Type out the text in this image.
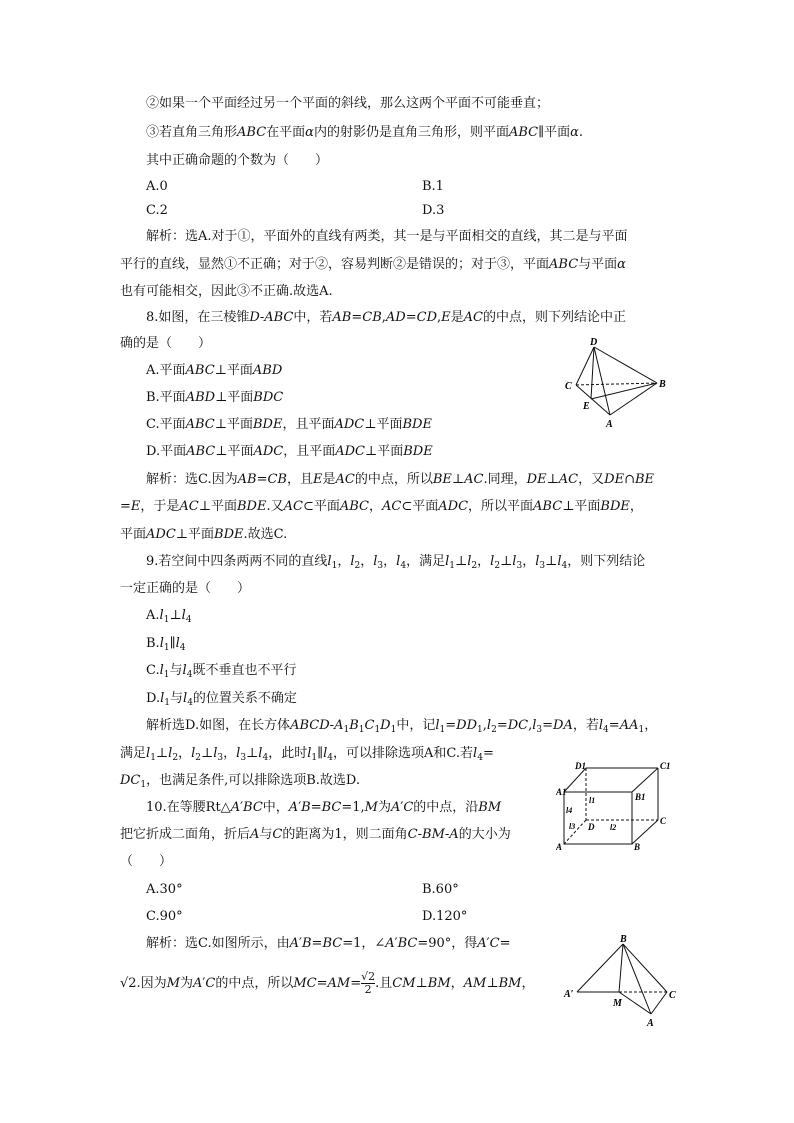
②如果一个平面经过另一个平面的斜线，那么这两个平面不可能垂直；
③若直角三角形ABC在平面α内的射影仍是直角三角形，则平面ABC∥平面α.
其中正确命题的个数为（　　）
A.0	B.1
C.2	D.3
解析：选A.对于①，平面外的直线有两类，其一是与平面相交的直线，其二是与平面
平行的直线，显然①不正确；对于②，容易判断②是错误的；对于③，平面ABC与平面α
也有可能相交，因此③不正确.故选A.
8.如图，在三棱锥D-ABC中，若AB=CB,AD=CD,E是AC的中点，则下列结论中正
确的是（　　）
A.平面ABC⊥平面ABD
B.平面ABD⊥平面BDC
C.平面ABC⊥平面BDE，且平面ADC⊥平面BDE
D.平面ABC⊥平面ADC，且平面ADC⊥平面BDE
解析：选C.因为AB=CB，且E是AC的中点，所以BE⊥AC.同理，DE⊥AC，又DE∩BE
=E，于是AC⊥平面BDE.又AC⊂平面ABC，AC⊂平面ADC，所以平面ABC⊥平面BDE，
平面ADC⊥平面BDE.故选C.
9.若空间中四条两两不同的直线$l_1$，$l_2$，$l_3$，$l_4$，满足$l_1\perp l_2$，$l_2\perp l_3$，$l_3\perp l_4$，则下列结论
一定正确的是（　　）
$A.l_1\perp l_4$
$B.l_1\parallel l_4$
$C.l_1$与$l_4$既不垂直也不平行
$D.l_1$与$l_4$的位置关系不确定
解析选D.如图，在长方体ABCD-$A_1B_1C_1D_1$中，记$l_1=DD_1,l_2=DC,l_3=DA$，若$l_4=AA_1$，
满足$l_1\perp l_2$，$l_2\perp l_3$，$l_3\perp l_4$，此时$l_1\parallel l_4$，可以排除选项A和C.若$l_4=$
$DC_1$，也满足条件,可以排除选项B.故选D.
10.在等腰Rt△A′BC中，A′B=BC=1,M为A′C的中点，沿BM
把它折成二面角，折后A与C的距离为1，则二面角C-BM-A的大小为
（　　）
A.30°	B.60°
C.90°	D.120°
解析：选C.如图所示，由A′B=BC=1，∠A′BC=90°，得A′C=
√2.因为M为A′C的中点，所以$MC=AM= \frac{√2}{2}$ .且CM⊥BM，AM⊥BM，
D
C	B
E
A
D1	C1
A1	B1
l4
l1
l3 D l2
C
A	B
B
A′
M
C
A
